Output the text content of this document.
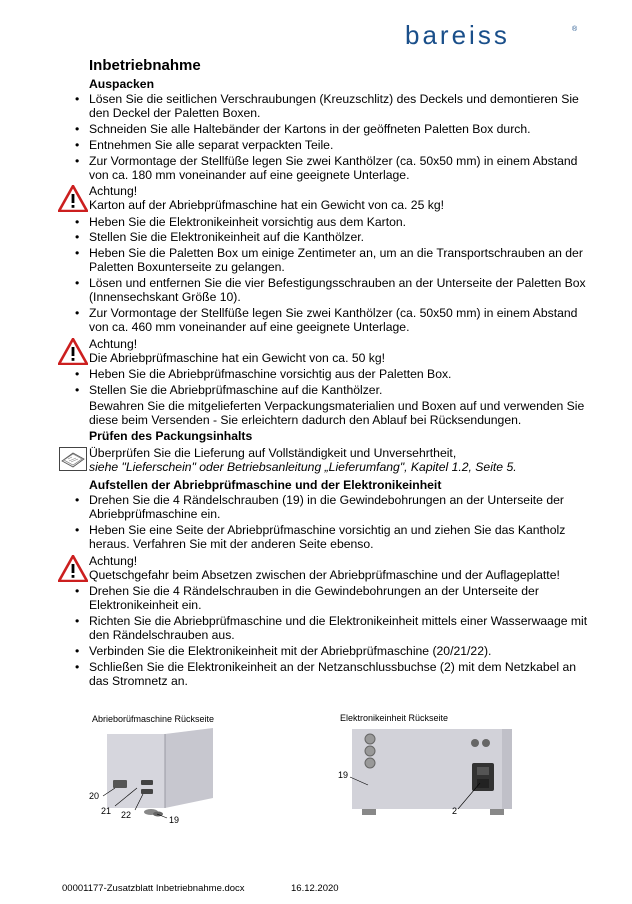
bareiss	®
Inbetriebnahme
Auspacken
• Lösen Sie die seitlichen Verschraubungen (Kreuzschlitz) des Deckels und demontieren Sie den Deckel der Paletten Boxen.
• Schneiden Sie alle Haltebänder der Kartons in der geöffneten Paletten Box durch.
• Entnehmen Sie alle separat verpackten Teile.
• Zur Vormontage der Stellfüße legen Sie zwei Kanthölzer (ca. 50x50 mm) in einem Abstand von ca. 180 mm voneinander auf eine geeignete Unterlage.
Achtung!
Karton auf der Abriebprüfmaschine hat ein Gewicht von ca. 25 kg!
• Heben Sie die Elektronikeinheit vorsichtig aus dem Karton.
• Stellen Sie die Elektronikeinheit auf die Kanthölzer.
• Heben Sie die Paletten Box um einige Zentimeter an, um an die Transportschrauben an der Paletten Boxunterseite zu gelangen.
• Lösen und entfernen Sie die vier Befestigungsschrauben an der Unterseite der Paletten Box (Innensechskant Größe 10).
• Zur Vormontage der Stellfüße legen Sie zwei Kanthölzer (ca. 50x50 mm) in einem Abstand von ca. 460 mm voneinander auf eine geeignete Unterlage.
Achtung!
Die Abriebprüfmaschine hat ein Gewicht von ca. 50 kg!
• Heben Sie die Abriebprüfmaschine vorsichtig aus der Paletten Box.
• Stellen Sie die Abriebprüfmaschine auf die Kanthölzer.
Bewahren Sie die mitgelieferten Verpackungsmaterialien und Boxen auf und verwenden Sie diese beim Versenden - Sie erleichtern dadurch den Ablauf bei Rücksendungen.
Prüfen des Packungsinhalts
Überprüfen Sie die Lieferung auf Vollständigkeit und Unversehrtheit,
siehe "Lieferschein" oder Betriebsanleitung „Lieferumfang", Kapitel 1.2, Seite 5.
Aufstellen der Abriebprüfmaschine und der Elektronikeinheit
• Drehen Sie die 4 Rändelschrauben (19) in die Gewindebohrungen an der Unterseite der Abriebprüfmaschine ein.
• Heben Sie eine Seite der Abriebprüfmaschine vorsichtig an und ziehen Sie das Kantholz heraus. Verfahren Sie mit der anderen Seite ebenso.
Achtung!
Quetschgefahr beim Absetzen zwischen der Abriebprüfmaschine und der Auflageplatte!
• Drehen Sie die 4 Rändelschrauben in die Gewindebohrungen an der Unterseite der Elektronikeinheit ein.
• Richten Sie die Abriebprüfmaschine und die Elektronikeinheit mittels einer Wasserwaage mit den Rändelschrauben aus.
• Verbinden Sie die Elektronikeinheit mit der Abriebprüfmaschine (20/21/22).
• Schließen Sie die Elektronikeinheit an der Netzanschlussbuchse (2) mit dem Netzkabel an das Stromnetz an.
Abrieborüfmaschine Rückseite
20
21 22	19
Elektronikeinheit Rückseite
19
2
00001177-Zusatzblatt Inbetriebnahme.docx	16.12.2020
